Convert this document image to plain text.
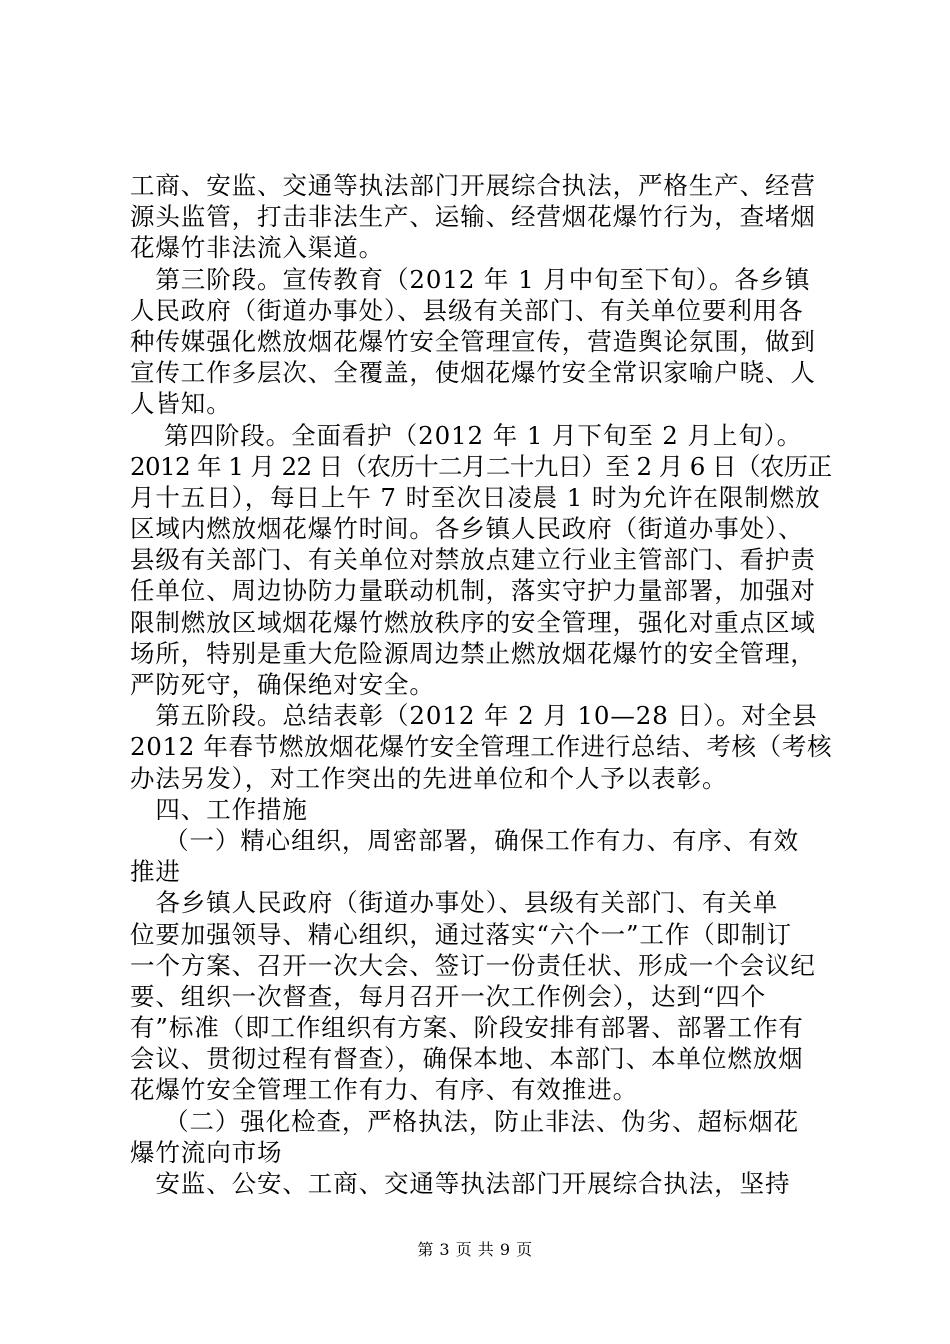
工商、安监、交通等执法部门开展综合执法，严格生产、经营
源头监管，打击非法生产、运输、经营烟花爆竹行为，查堵烟
花爆竹非法流入渠道。
　第三阶段。宣传教育（2012 年 1 月中旬至下旬）。各乡镇
人民政府（街道办事处）、县级有关部门、有关单位要利用各
种传媒强化燃放烟花爆竹安全管理宣传，营造舆论氛围，做到
宣传工作多层次、全覆盖，使烟花爆竹安全常识家喻户晓、人
人皆知。
　 第四阶段。全面看护（2012 年 1 月下旬至 2 月上旬）。
2012 年 1 月 22 日（农历十二月二十九日）至 2 月 6 日（农历正
月十五日），每日上午 7 时至次日凌晨 1 时为允许在限制燃放
区域内燃放烟花爆竹时间。各乡镇人民政府（街道办事处）、
县级有关部门、有关单位对禁放点建立行业主管部门、看护责
任单位、周边协防力量联动机制，落实守护力量部署，加强对
限制燃放区域烟花爆竹燃放秩序的安全管理，强化对重点区域
场所，特别是重大危险源周边禁止燃放烟花爆竹的安全管理，
严防死守，确保绝对安全。
　第五阶段。总结表彰（2012 年 2 月 10—28 日）。对全县
2012 年春节燃放烟花爆竹安全管理工作进行总结、考核（考核
办法另发），对工作突出的先进单位和个人予以表彰。
　四、工作措施
　 （一）精心组织，周密部署，确保工作有力、有序、有效
推进
　各乡镇人民政府（街道办事处）、县级有关部门、有关单
位要加强领导、精心组织，通过落实“六个一”工作（即制订
一个方案、召开一次大会、签订一份责任状、形成一个会议纪
要、组织一次督查，每月召开一次工作例会），达到“四个
有”标准（即工作组织有方案、阶段安排有部署、部署工作有
会议、贯彻过程有督查），确保本地、本部门、本单位燃放烟
花爆竹安全管理工作有力、有序、有效推进。
　 （二）强化检查，严格执法，防止非法、伪劣、超标烟花
爆竹流向市场
　安监、公安、工商、交通等执法部门开展综合执法，坚持
第 3 页 共 9 页
